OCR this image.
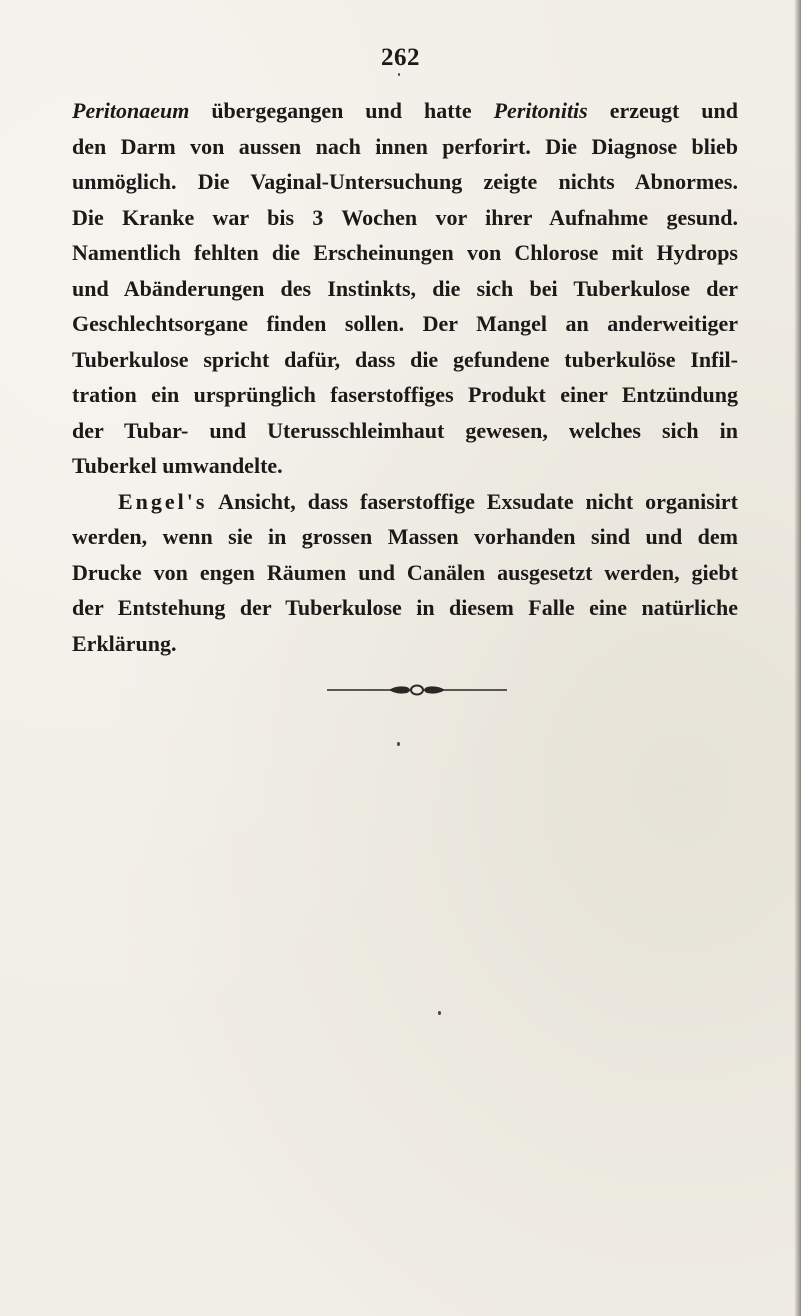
262
Peritonaeum übergegangen und hatte Peritonitis erzeugt und
den Darm von aussen nach innen perforirt. Die Diagnose blieb
unmöglich. Die Vaginal-Untersuchung zeigte nichts Abnormes.
Die Kranke war bis 3 Wochen vor ihrer Aufnahme gesund.
Namentlich fehlten die Erscheinungen von Chlorose mit Hydrops
und Abänderungen des Instinkts, die sich bei Tuberkulose der
Geschlechtsorgane finden sollen. Der Mangel an anderweitiger
Tuberkulose spricht dafür, dass die gefundene tuberkulöse Infil-
tration ein ursprünglich faserstoffiges Produkt einer Entzündung
der Tubar- und Uterusschleimhaut gewesen, welches sich in
Tuberkel umwandelte.
Engel's Ansicht, dass faserstoffige Exsudate nicht organisirt
werden, wenn sie in grossen Massen vorhanden sind und dem
Drucke von engen Räumen und Canälen ausgesetzt werden, giebt
der Entstehung der Tuberkulose in diesem Falle eine natürliche
Erklärung.
